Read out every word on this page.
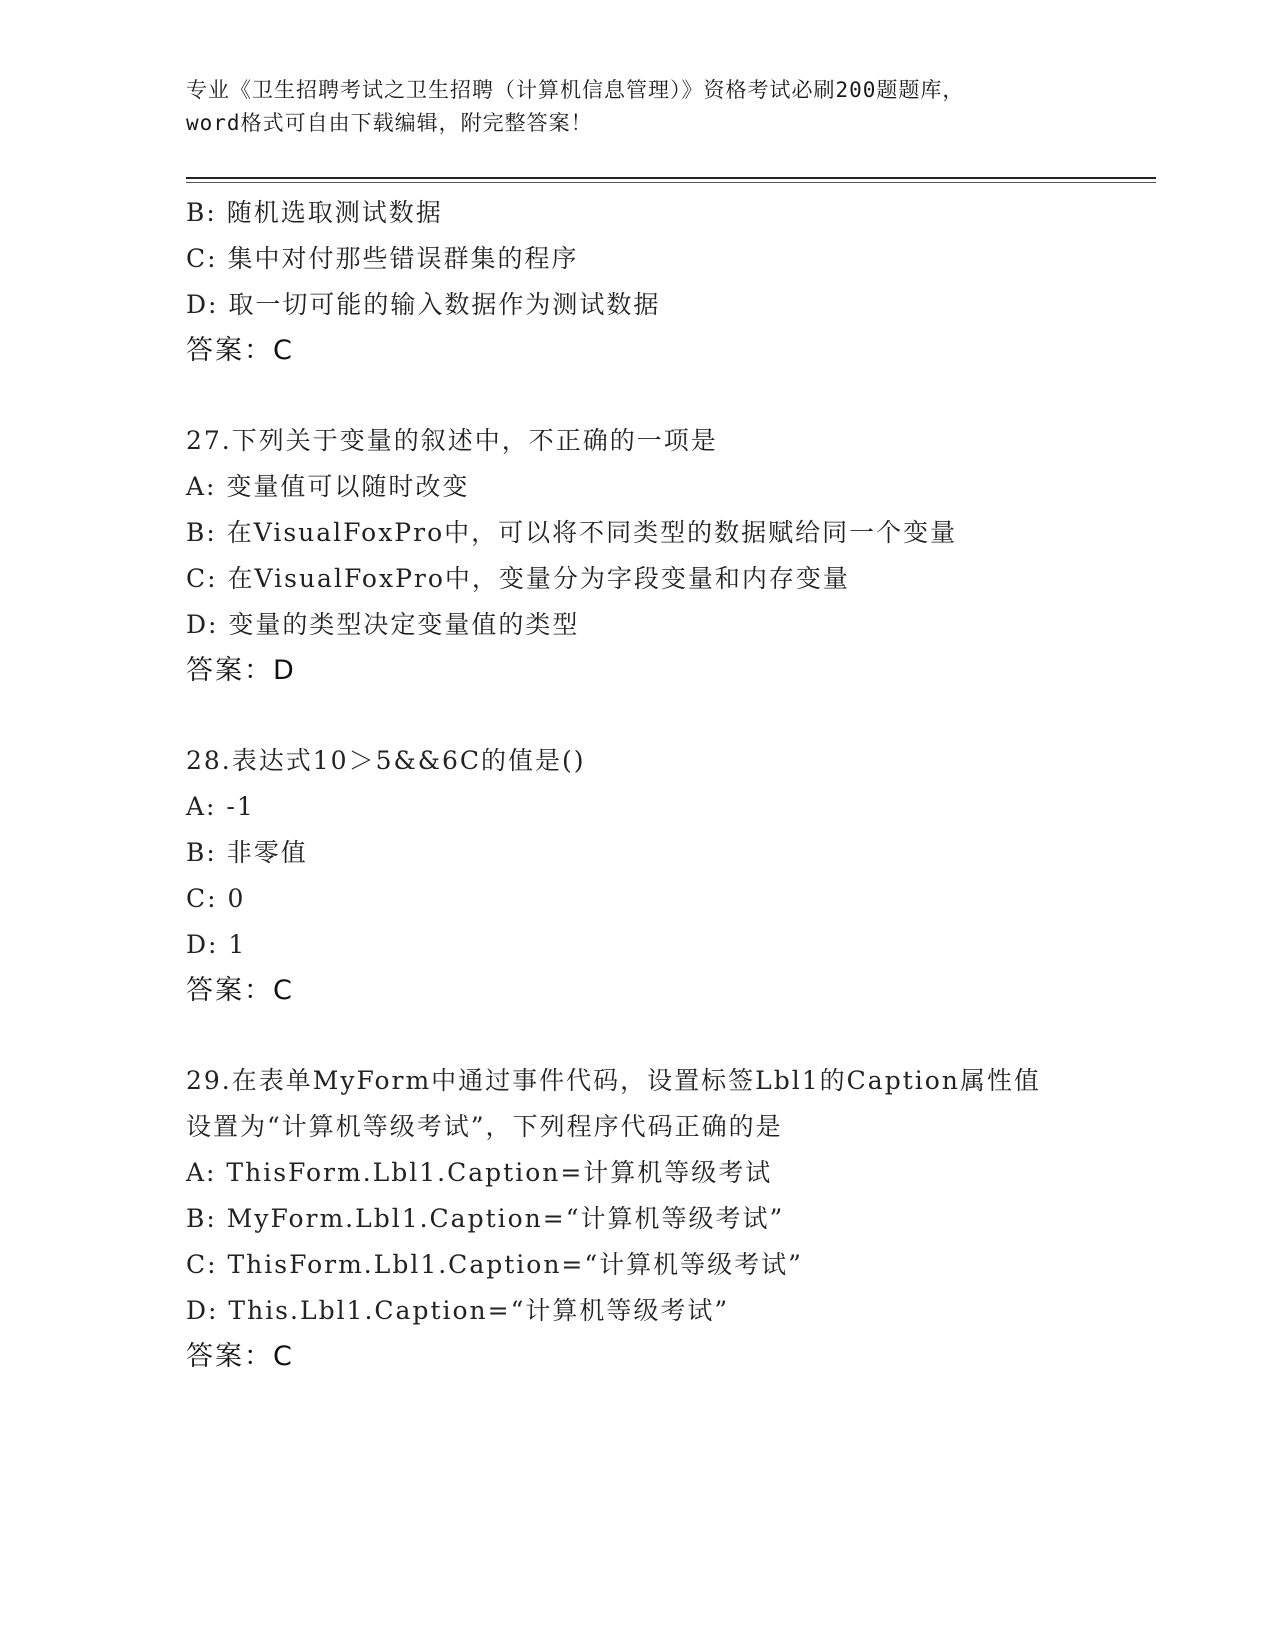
专业《卫生招聘考试之卫生招聘（计算机信息管理）》资格考试必刷200题题库，
word格式可自由下载编辑，附完整答案！
B: 随机选取测试数据
C: 集中对付那些错误群集的程序
D: 取一切可能的输入数据作为测试数据
答案：C
27.下列关于变量的叙述中，不正确的一项是
A: 变量值可以随时改变
B: 在VisualFoxPro中，可以将不同类型的数据赋给同一个变量
C: 在VisualFoxPro中，变量分为字段变量和内存变量
D: 变量的类型决定变量值的类型
答案：D
28.表达式10＞5&&6C的值是()
A: -1
B: 非零值
C: 0
D: 1
答案：C
29.在表单MyForm中通过事件代码，设置标签Lbl1的Caption属性值
设置为“计算机等级考试”，下列程序代码正确的是
A: ThisForm.Lbl1.Caption=计算机等级考试
B: MyForm.Lbl1.Caption=“计算机等级考试”
C: ThisForm.Lbl1.Caption=“计算机等级考试”
D: This.Lbl1.Caption=“计算机等级考试”
答案：C
